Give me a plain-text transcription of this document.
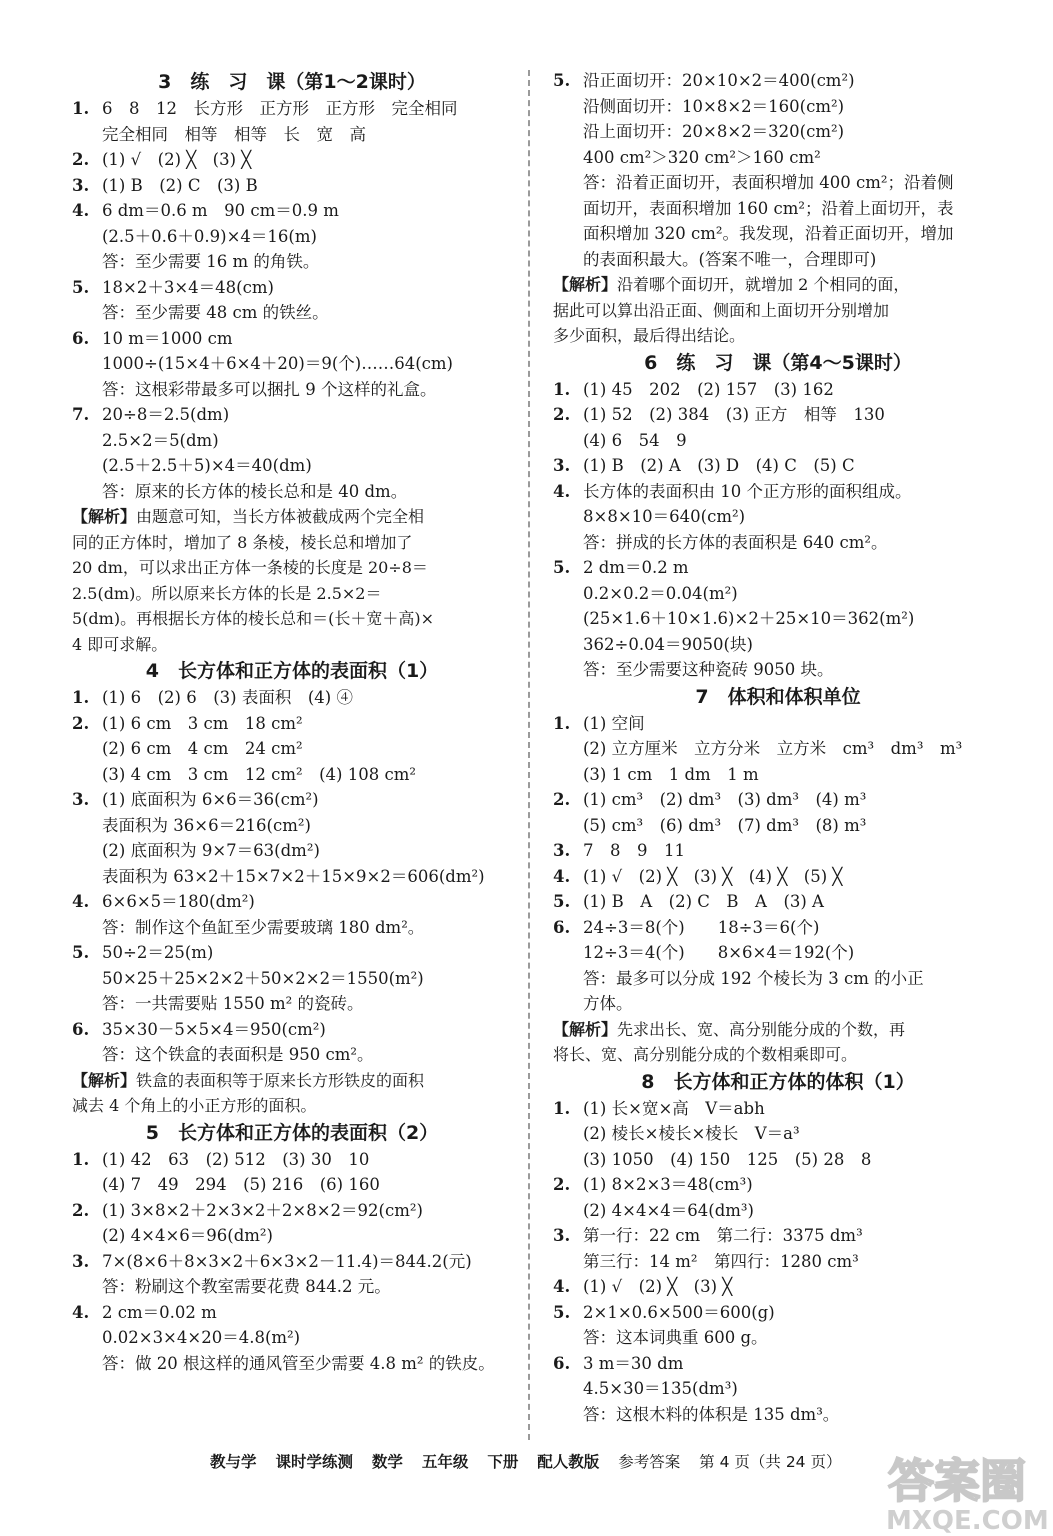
3　练　习　课（第1～2课时）
1. 6　8　12　长方形　正方形　正方形　完全相同
完全相同　相等　相等　长　宽　高
2. (1) √　(2) ╳　(3) ╳
3. (1) B　(2) C　(3) B
4. 6 dm＝0.6 m　90 cm＝0.9 m
(2.5＋0.6＋0.9)×4＝16(m)
答：至少需要 16 m 的角铁。
5. 18×2＋3×4＝48(cm)
答：至少需要 48 cm 的铁丝。
6. 10 m＝1000 cm
1000÷(15×4＋6×4＋20)＝9(个)……64(cm)
答：这根彩带最多可以捆扎 9 个这样的礼盒。
7. 20÷8＝2.5(dm)
2.5×2＝5(dm)
(2.5＋2.5＋5)×4＝40(dm)
答：原来的长方体的棱长总和是 40 dm。
【解析】由题意可知，当长方体被截成两个完全相
同的正方体时，增加了 8 条棱，棱长总和增加了
20 dm，可以求出正方体一条棱的长度是 20÷8＝
2.5(dm)。所以原来长方体的长是 2.5×2＝
5(dm)。再根据长方体的棱长总和＝(长＋宽＋高)×
4 即可求解。
4　长方体和正方体的表面积（1）
1. (1) 6　(2) 6　(3) 表面积　(4) ④
2. (1) 6 cm　3 cm　18 cm²
(2) 6 cm　4 cm　24 cm²
(3) 4 cm　3 cm　12 cm²　(4) 108 cm²
3. (1) 底面积为 6×6＝36(cm²)
表面积为 36×6＝216(cm²)
(2) 底面积为 9×7＝63(dm²)
表面积为 63×2＋15×7×2＋15×9×2＝606(dm²)
4. 6×6×5＝180(dm²)
答：制作这个鱼缸至少需要玻璃 180 dm²。
5. 50÷2＝25(m)
50×25＋25×2×2＋50×2×2＝1550(m²)
答：一共需要贴 1550 m² 的瓷砖。
6. 35×30－5×5×4＝950(cm²)
答：这个铁盒的表面积是 950 cm²。
【解析】铁盒的表面积等于原来长方形铁皮的面积
减去 4 个角上的小正方形的面积。
5　长方体和正方体的表面积（2）
1. (1) 42　63　(2) 512　(3) 30　10
(4) 7　49　294　(5) 216　(6) 160
2. (1) 3×8×2＋2×3×2＋2×8×2＝92(cm²)
(2) 4×4×6＝96(dm²)
3. 7×(8×6＋8×3×2＋6×3×2－11.4)＝844.2(元)
答：粉刷这个教室需要花费 844.2 元。
4. 2 cm＝0.02 m
0.02×3×4×20＝4.8(m²)
答：做 20 根这样的通风管至少需要 4.8 m² 的铁皮。
5. 沿正面切开：20×10×2＝400(cm²)
沿侧面切开：10×8×2＝160(cm²)
沿上面切开：20×8×2＝320(cm²)
400 cm²＞320 cm²＞160 cm²
答：沿着正面切开，表面积增加 400 cm²；沿着侧
面切开，表面积增加 160 cm²；沿着上面切开，表
面积增加 320 cm²。我发现，沿着正面切开，增加
的表面积最大。(答案不唯一，合理即可)
【解析】沿着哪个面切开，就增加 2 个相同的面，
据此可以算出沿正面、侧面和上面切开分别增加
多少面积，最后得出结论。
6　练　习　课（第4～5课时）
1. (1) 45　202　(2) 157　(3) 162
2. (1) 52　(2) 384　(3) 正方　相等　130
(4) 6　54　9
3. (1) B　(2) A　(3) D　(4) C　(5) C
4. 长方体的表面积由 10 个正方形的面积组成。
8×8×10＝640(cm²)
答：拼成的长方体的表面积是 640 cm²。
5. 2 dm＝0.2 m
0.2×0.2＝0.04(m²)
(25×1.6＋10×1.6)×2＋25×10＝362(m²)
362÷0.04＝9050(块)
答：至少需要这种瓷砖 9050 块。
7　体积和体积单位
1. (1) 空间
(2) 立方厘米　立方分米　立方米　cm³　dm³　m³
(3) 1 cm　1 dm　1 m
2. (1) cm³　(2) dm³　(3) dm³　(4) m³
(5) cm³　(6) dm³　(7) dm³　(8) m³
3. 7　8　9　11
4. (1) √　(2) ╳　(3) ╳　(4) ╳　(5) ╳
5. (1) B　A　(2) C　B　A　(3) A
6. 24÷3＝8(个)　　18÷3＝6(个)
12÷3＝4(个)　　8×6×4＝192(个)
答：最多可以分成 192 个棱长为 3 cm 的小正
方体。
【解析】先求出长、宽、高分别能分成的个数，再
将长、宽、高分别能分成的个数相乘即可。
8　长方体和正方体的体积（1）
1. (1) 长×宽×高　V＝abh
(2) 棱长×棱长×棱长　V＝a³
(3) 1050　(4) 150　125　(5) 28　8
2. (1) 8×2×3＝48(cm³)
(2) 4×4×4＝64(dm³)
3. 第一行：22 cm　第二行：3375 dm³
第三行：14 m²　第四行：1280 cm³
4. (1) √　(2) ╳　(3) ╳
5. 2×1×0.6×500＝600(g)
答：这本词典重 600 g。
6. 3 m＝30 dm
4.5×30＝135(dm³)
答：这根木料的体积是 135 dm³。
教与学 课时学练测 数学 五年级 下册 配人教版 参考答案 第 4 页（共 24 页）	答案圈
MXQE.COM
